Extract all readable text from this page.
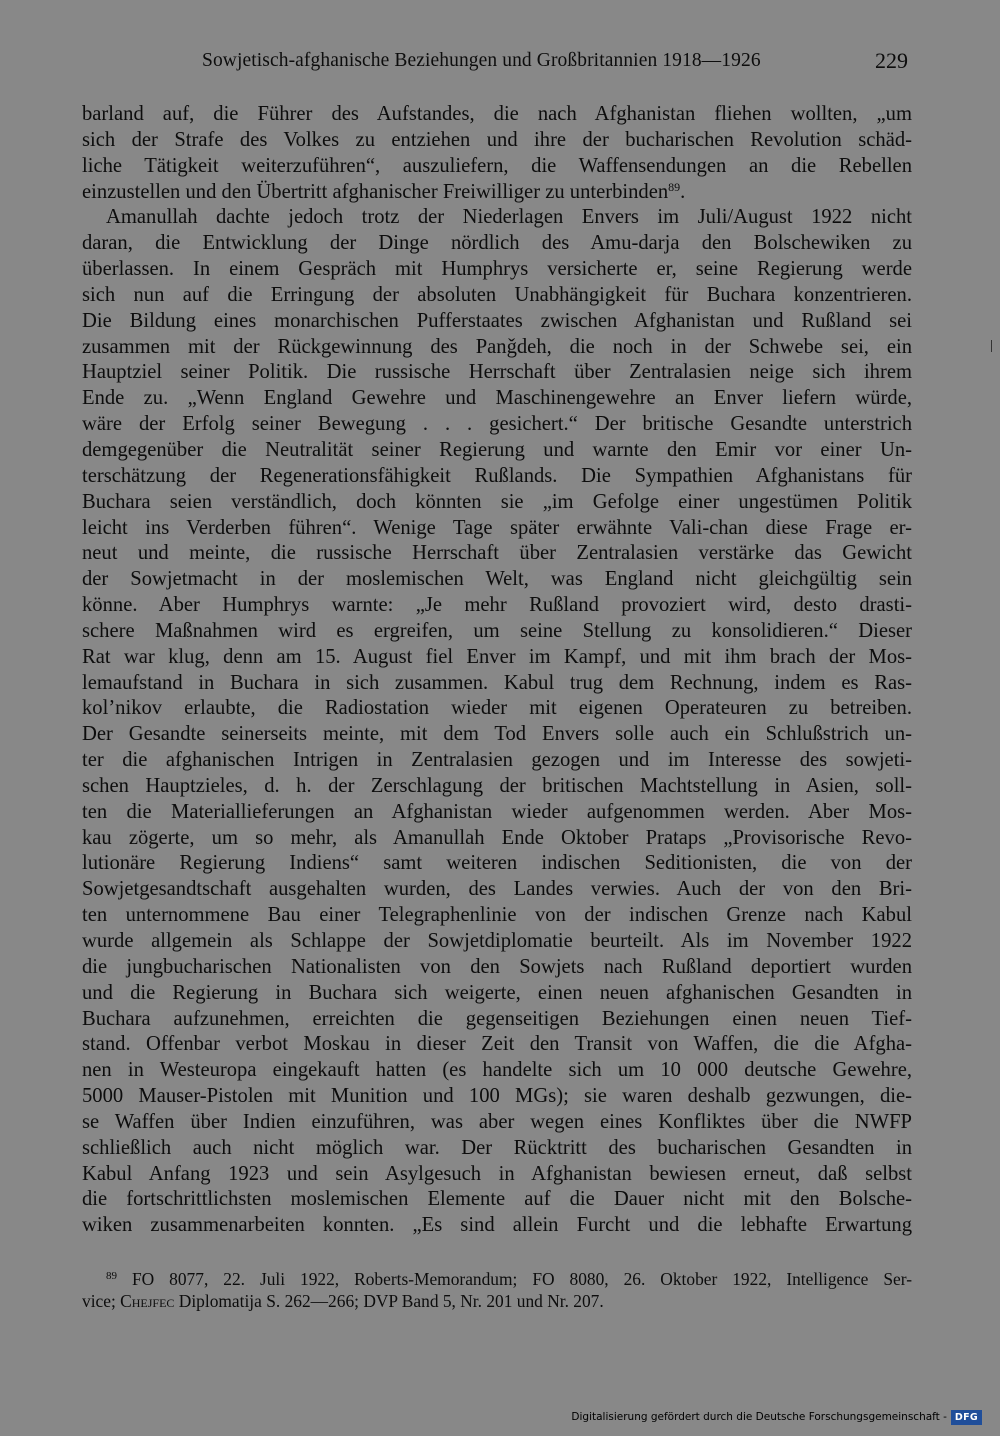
Sowjetisch-afghanische Beziehungen und Großbritannien 1918—1926	229
barland auf, die Führer des Aufstandes, die nach Afghanistan fliehen wollten, „um
sich der Strafe des Volkes zu entziehen und ihre der bucharischen Revolution schäd-
liche Tätigkeit weiterzuführen“, auszuliefern, die Waffensendungen an die Rebellen
einzustellen und den Übertritt afghanischer Freiwilliger zu unterbinden$^{89}$.
Amanullah dachte jedoch trotz der Niederlagen Envers im Juli/August 1922 nicht
daran, die Entwicklung der Dinge nördlich des Amu-darja den Bolschewiken zu
überlassen. In einem Gespräch mit Humphrys versicherte er, seine Regierung werde
sich nun auf die Erringung der absoluten Unabhängigkeit für Buchara konzentrieren.
Die Bildung eines monarchischen Pufferstaates zwischen Afghanistan und Rußland sei
zusammen mit der Rückgewinnung des Panǧdeh, die noch in der Schwebe sei, ein
Hauptziel seiner Politik. Die russische Herrschaft über Zentralasien neige sich ihrem
Ende zu. „Wenn England Gewehre und Maschinengewehre an Enver liefern würde,
wäre der Erfolg seiner Bewegung . . . gesichert.“ Der britische Gesandte unterstrich
demgegenüber die Neutralität seiner Regierung und warnte den Emir vor einer Un-
terschätzung der Regenerationsfähigkeit Rußlands. Die Sympathien Afghanistans für
Buchara seien verständlich, doch könnten sie „im Gefolge einer ungestümen Politik
leicht ins Verderben führen“. Wenige Tage später erwähnte Vali-chan diese Frage er-
neut und meinte, die russische Herrschaft über Zentralasien verstärke das Gewicht
der Sowjetmacht in der moslemischen Welt, was England nicht gleichgültig sein
könne. Aber Humphrys warnte: „Je mehr Rußland provoziert wird, desto drasti-
schere Maßnahmen wird es ergreifen, um seine Stellung zu konsolidieren.“ Dieser
Rat war klug, denn am 15. August fiel Enver im Kampf, und mit ihm brach der Mos-
lemaufstand in Buchara in sich zusammen. Kabul trug dem Rechnung, indem es Ras-
kol’nikov erlaubte, die Radiostation wieder mit eigenen Operateuren zu betreiben.
Der Gesandte seinerseits meinte, mit dem Tod Envers solle auch ein Schlußstrich un-
ter die afghanischen Intrigen in Zentralasien gezogen und im Interesse des sowjeti-
schen Hauptzieles, d. h. der Zerschlagung der britischen Machtstellung in Asien, soll-
ten die Materiallieferungen an Afghanistan wieder aufgenommen werden. Aber Mos-
kau zögerte, um so mehr, als Amanullah Ende Oktober Prataps „Provisorische Revo-
lutionäre Regierung Indiens“ samt weiteren indischen Seditionisten, die von der
Sowjetgesandtschaft ausgehalten wurden, des Landes verwies. Auch der von den Bri-
ten unternommene Bau einer Telegraphenlinie von der indischen Grenze nach Kabul
wurde allgemein als Schlappe der Sowjetdiplomatie beurteilt. Als im November 1922
die jungbucharischen Nationalisten von den Sowjets nach Rußland deportiert wurden
und die Regierung in Buchara sich weigerte, einen neuen afghanischen Gesandten in
Buchara aufzunehmen, erreichten die gegenseitigen Beziehungen einen neuen Tief-
stand. Offenbar verbot Moskau in dieser Zeit den Transit von Waffen, die die Afgha-
nen in Westeuropa eingekauft hatten (es handelte sich um 10 000 deutsche Gewehre,
5000 Mauser-Pistolen mit Munition und 100 MGs); sie waren deshalb gezwungen, die-
se Waffen über Indien einzuführen, was aber wegen eines Konfliktes über die NWFP
schließlich auch nicht möglich war. Der Rücktritt des bucharischen Gesandten in
Kabul Anfang 1923 und sein Asylgesuch in Afghanistan bewiesen erneut, daß selbst
die fortschrittlichsten moslemischen Elemente auf die Dauer nicht mit den Bolsche-
wiken zusammenarbeiten konnten. „Es sind allein Furcht und die lebhafte Erwartung
$^{89}$ FO 8077, 22. Juli 1922, Roberts-Memorandum; FO 8080, 26. Oktober 1922, Intelligence Ser-
vice; Chejfec Diplomatija S. 262—266; DVP Band 5, Nr. 201 und Nr. 207.
Digitalisierung gefördert durch die Deutsche Forschungsgemeinschaft - DFG
